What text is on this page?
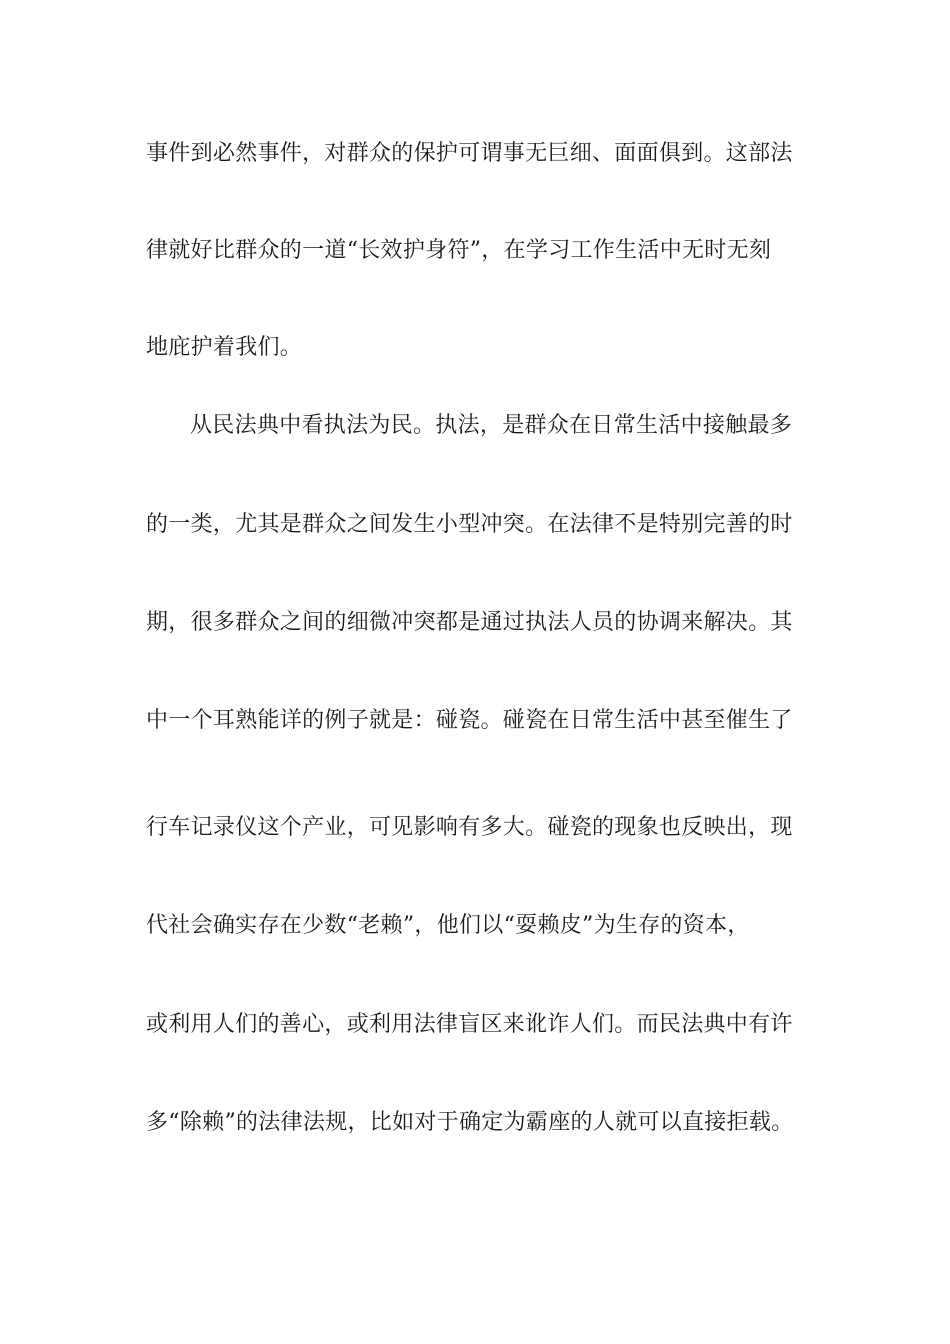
事件到必然事件，对群众的保护可谓事无巨细、面面俱到。这部法
律就好比群众的一道“长效护身符”，在学习工作生活中无时无刻
地庇护着我们。
从民法典中看执法为民。执法，是群众在日常生活中接触最多
的一类，尤其是群众之间发生小型冲突。在法律不是特别完善的时
期，很多群众之间的细微冲突都是通过执法人员的协调来解决。其
中一个耳熟能详的例子就是：碰瓷。碰瓷在日常生活中甚至催生了
行车记录仪这个产业，可见影响有多大。碰瓷的现象也反映出，现
代社会确实存在少数“老赖”，他们以“耍赖皮”为生存的资本，
或利用人们的善心，或利用法律盲区来讹诈人们。而民法典中有许
多“除赖”的法律法规，比如对于确定为霸座的人就可以直接拒载。
